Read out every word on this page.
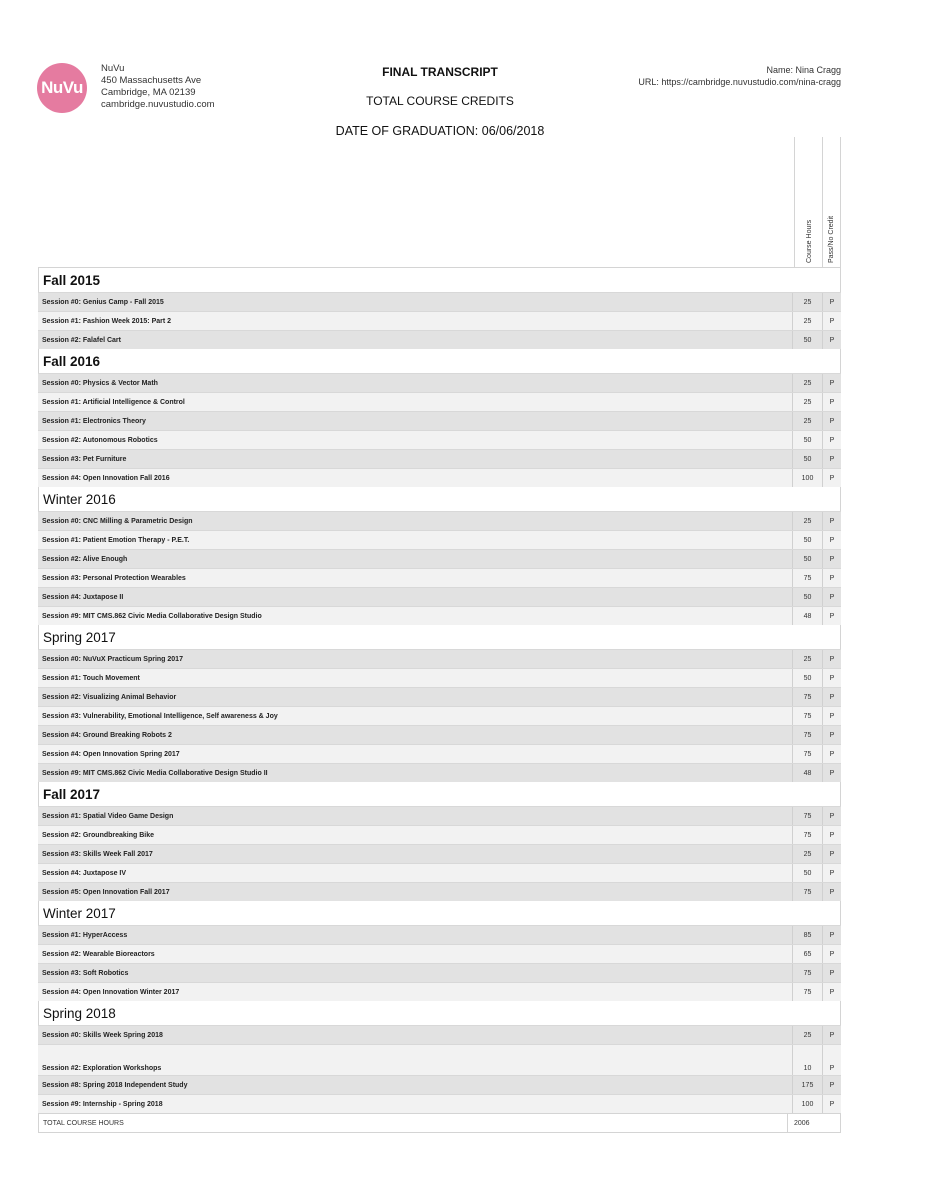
NuVu
NuVu
450 Massachusetts Ave
Cambridge, MA 02139
cambridge.nuvustudio.com
FINAL TRANSCRIPT
TOTAL COURSE CREDITS
DATE OF GRADUATION: 06/06/2018
Name: Nina Cragg
URL: https://cambridge.nuvustudio.com/nina-cragg
Course Hours Pass/No Credit
Fall 2015
Session #0: Genius Camp - Fall 2015	25	P
Session #1: Fashion Week 2015: Part 2	25	P
Session #2: Falafel Cart	50	P
Fall 2016
Session #0: Physics & Vector Math	25	P
Session #1: Artificial Intelligence & Control	25	P
Session #1: Electronics Theory	25	P
Session #2: Autonomous Robotics	50	P
Session #3: Pet Furniture	50	P
Session #4: Open Innovation Fall 2016	100	P
Winter 2016
Session #0: CNC Milling & Parametric Design	25	P
Session #1: Patient Emotion Therapy - P.E.T.	50	P
Session #2: Alive Enough	50	P
Session #3: Personal Protection Wearables	75	P
Session #4: Juxtapose II	50	P
Session #9: MIT CMS.862 Civic Media Collaborative Design Studio	48	P
Spring 2017
Session #0: NuVuX Practicum Spring 2017	25	P
Session #1: Touch Movement	50	P
Session #2: Visualizing Animal Behavior	75	P
Session #3: Vulnerability, Emotional Intelligence, Self awareness & Joy	75	P
Session #4: Ground Breaking Robots 2	75	P
Session #4: Open Innovation Spring 2017	75	P
Session #9: MIT CMS.862 Civic Media Collaborative Design Studio II	48	P
Fall 2017
Session #1: Spatial Video Game Design	75	P
Session #2: Groundbreaking Bike	75	P
Session #3: Skills Week Fall 2017	25	P
Session #4: Juxtapose IV	50	P
Session #5: Open Innovation Fall 2017	75	P
Winter 2017
Session #1: HyperAccess	85	P
Session #2: Wearable Bioreactors	65	P
Session #3: Soft Robotics	75	P
Session #4: Open Innovation Winter 2017	75	P
Spring 2018
Session #0: Skills Week Spring 2018	25	P
Session #2: Exploration Workshops	10	P
Session #8: Spring 2018 Independent Study	175	P
Session #9: Internship - Spring 2018	100	P
TOTAL COURSE HOURS	2006
